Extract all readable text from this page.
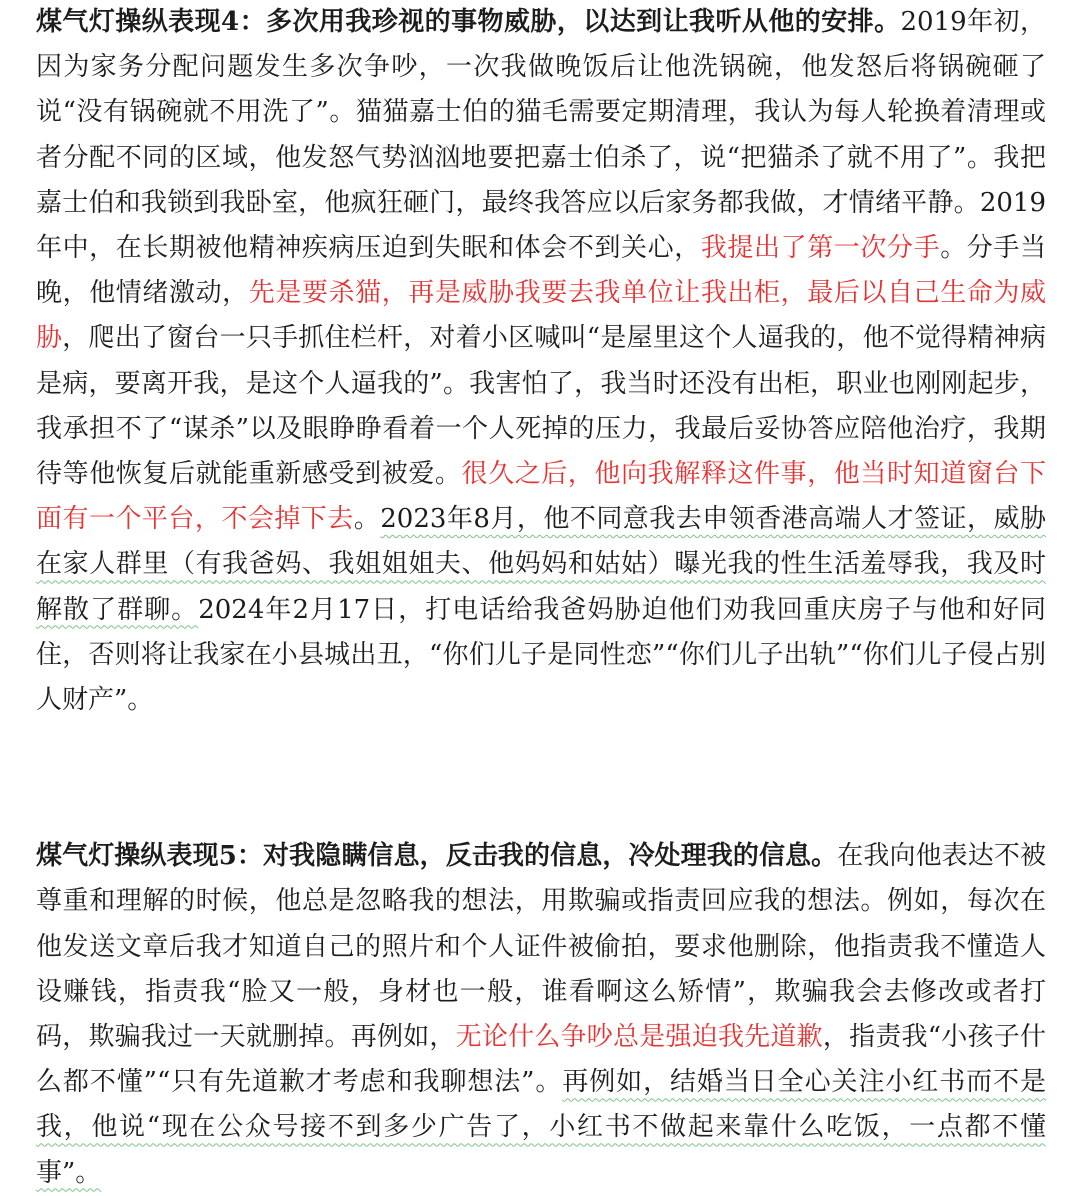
煤气灯操纵表现4：多次用我珍视的事物威胁，以达到让我听从他的安排。2019年初，因为家务分配问题发生多次争吵，一次我做晚饭后让他洗锅碗，他发怒后将锅碗砸了说“没有锅碗就不用洗了”。猫猫嘉士伯的猫毛需要定期清理，我认为每人轮换着清理或者分配不同的区域，他发怒气势汹汹地要把嘉士伯杀了，说“把猫杀了就不用了”。我把嘉士伯和我锁到我卧室，他疯狂砸门，最终我答应以后家务都我做，才情绪平静。2019年中，在长期被他精神疾病压迫到失眠和体会不到关心，我提出了第一次分手。分手当晚，他情绪激动，先是要杀猫，再是威胁我要去我单位让我出柜，最后以自己生命为威胁，爬出了窗台一只手抓住栏杆，对着小区喊叫“是屋里这个人逼我的，他不觉得精神病是病，要离开我，是这个人逼我的”。我害怕了，我当时还没有出柜，职业也刚刚起步，我承担不了“谋杀”以及眼睁睁看着一个人死掉的压力，我最后妥协答应陪他治疗，我期待等他恢复后就能重新感受到被爱。很久之后，他向我解释这件事，他当时知道窗台下面有一个平台，不会掉下去。2023年8月，他不同意我去申领香港高端人才签证，威胁在家人群里（有我爸妈、我姐姐姐夫、他妈妈和姑姑）曝光我的性生活羞辱我，我及时解散了群聊。2024年2月17日，打电话给我爸妈胁迫他们劝我回重庆房子与他和好同住，否则将让我家在小县城出丑，“你们儿子是同性恋”“你们儿子出轨”“你们儿子侵占别人财产”。

煤气灯操纵表现5：对我隐瞒信息，反击我的信息，冷处理我的信息。在我向他表达不被尊重和理解的时候，他总是忽略我的想法，用欺骗或指责回应我的想法。例如，每次在他发送文章后我才知道自己的照片和个人证件被偷拍，要求他删除，他指责我不懂造人设赚钱，指责我“脸又一般，身材也一般，谁看啊这么矫情”，欺骗我会去修改或者打码，欺骗我过一天就删掉。再例如，无论什么争吵总是强迫我先道歉，指责我“小孩子什么都不懂”“只有先道歉才考虑和我聊想法”。再例如，结婚当日全心关注小红书而不是我，他说“现在公众号接不到多少广告了，小红书不做起来靠什么吃饭，一点都不懂事”。
